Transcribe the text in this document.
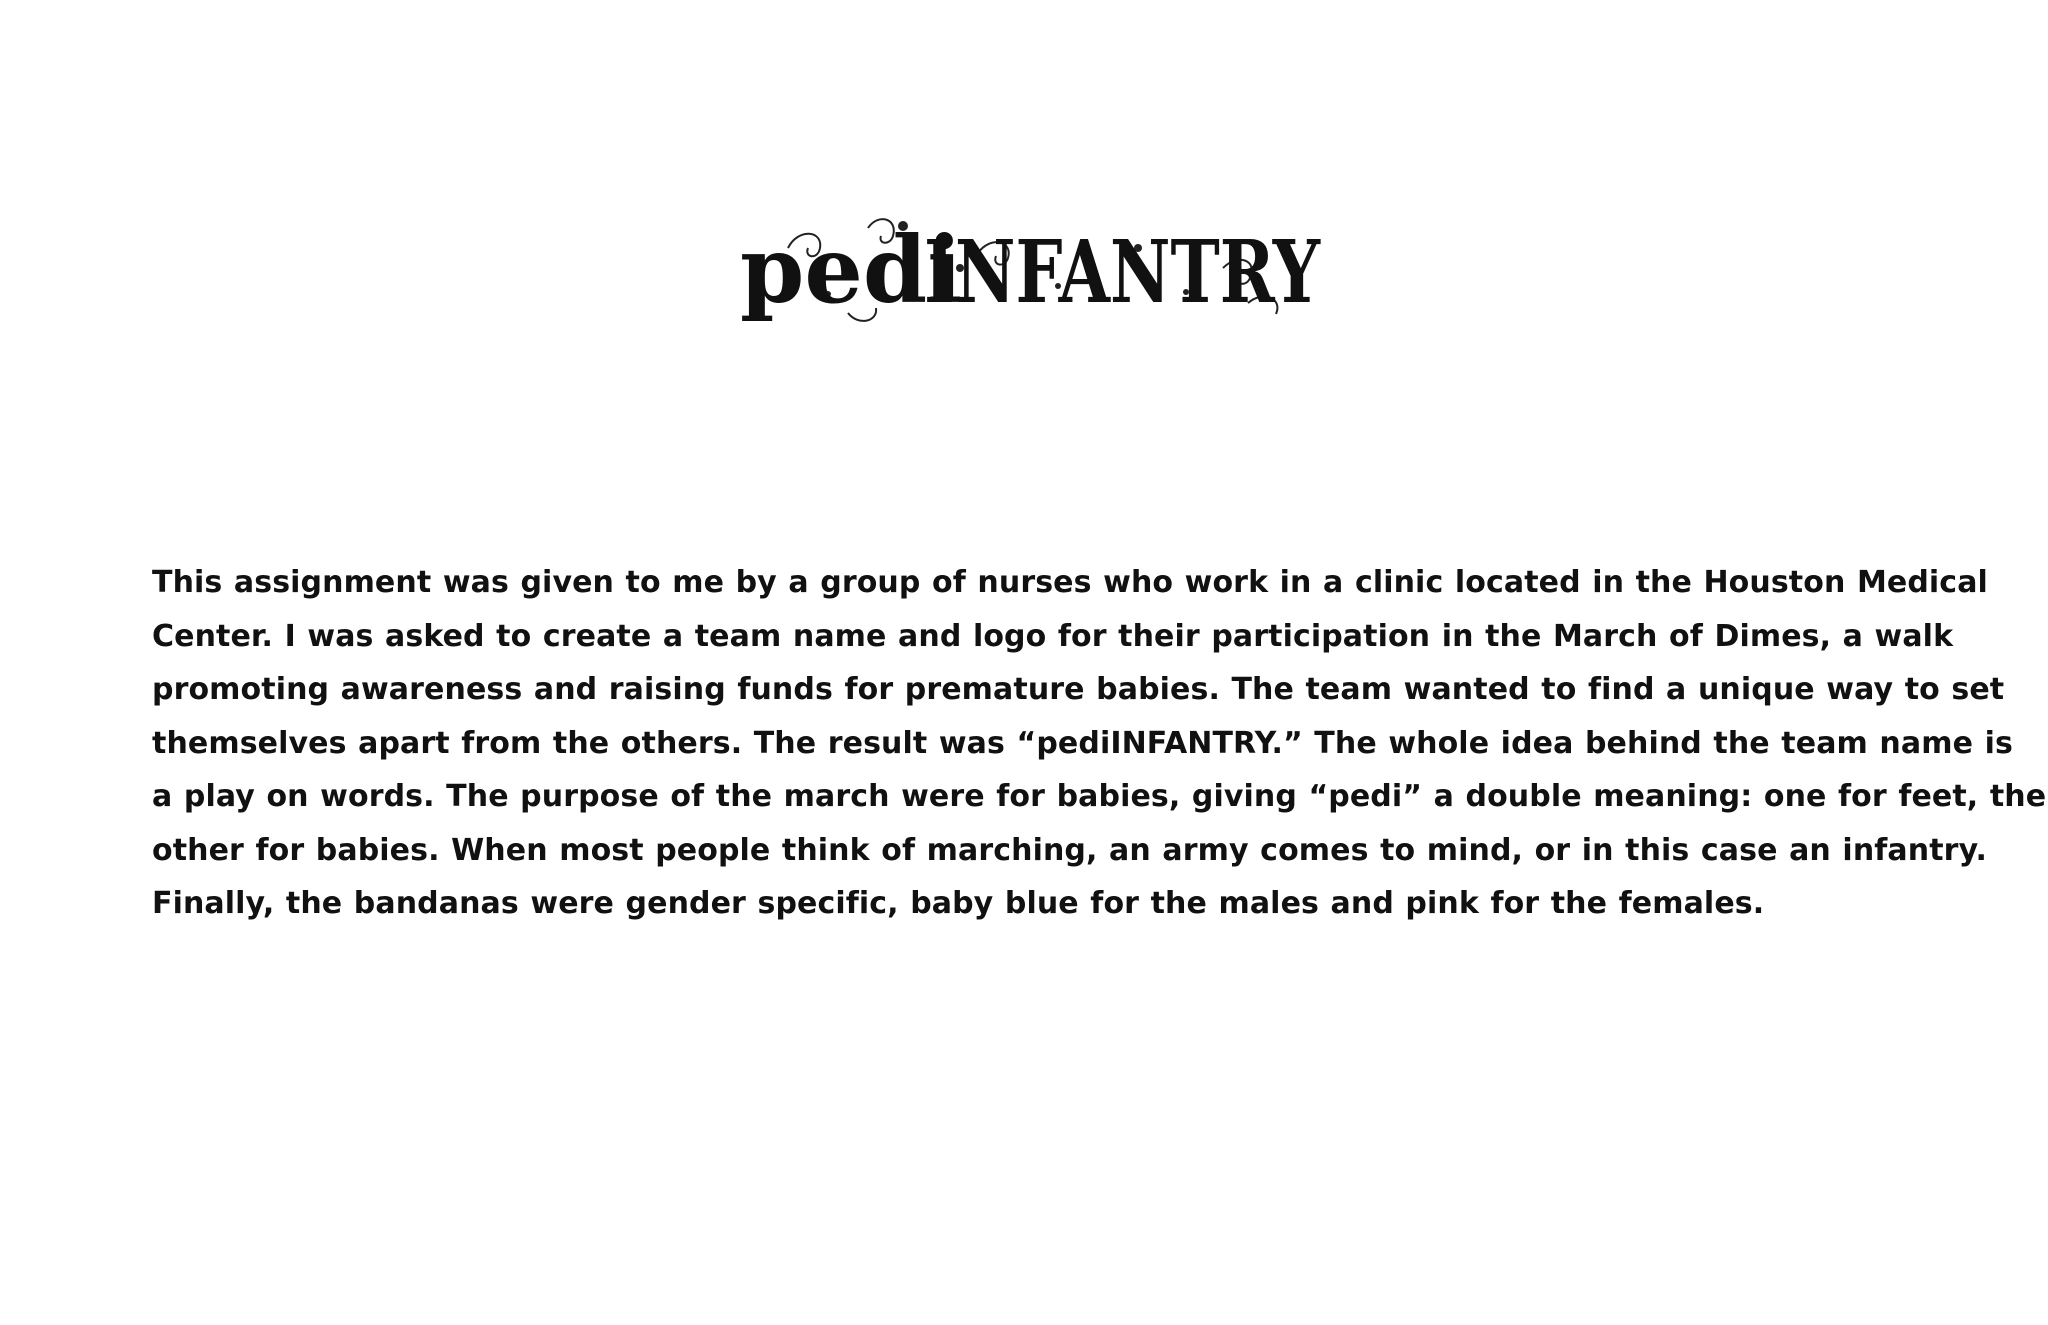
pedi
INFANTRY

This assignment was given to me by a group of nurses who work in a clinic located in the Houston Medical
Center. I was asked to create a team name and logo for their participation in the March of Dimes, a walk
promoting awareness and raising funds for premature babies. The team wanted to find a unique way to set
themselves apart from the others. The result was “pediINFANTRY.” The whole idea behind the team name is
a play on words. The purpose of the march were for babies, giving “pedi” a double meaning: one for feet, the
other for babies. When most people think of marching, an army comes to mind, or in this case an infantry.
Finally, the bandanas were gender specific, baby blue for the males and pink for the females.
